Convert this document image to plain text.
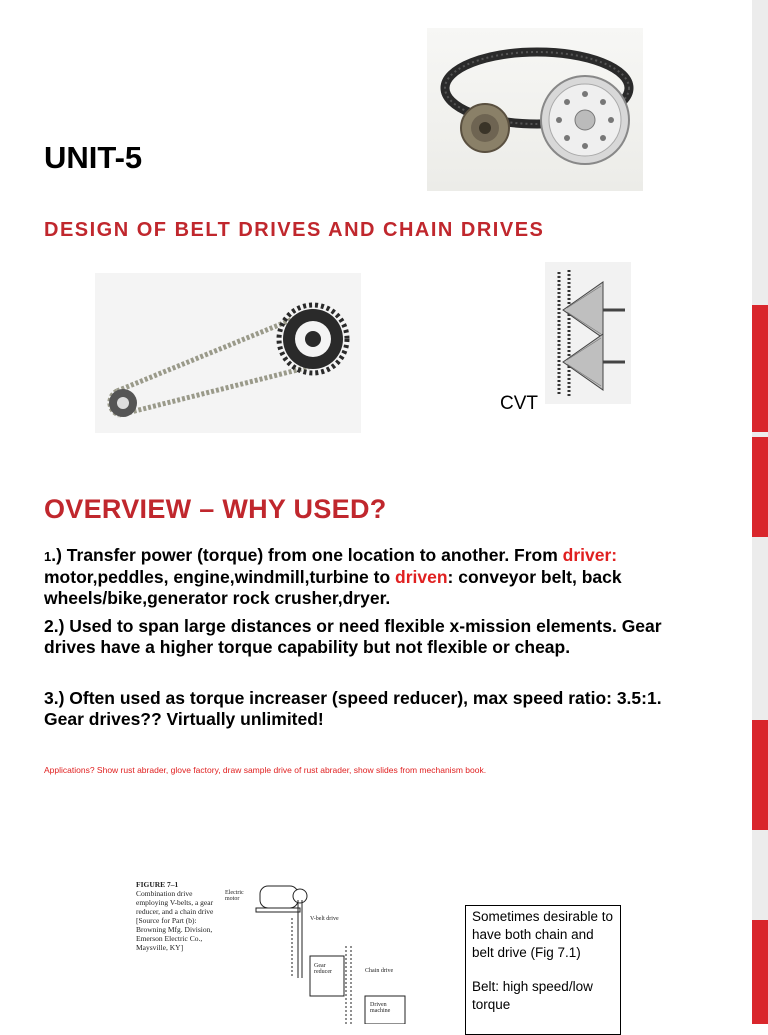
UNIT-5
DESIGN OF BELT DRIVES AND CHAIN DRIVES
CVT
OVERVIEW – WHY USED?
1.) Transfer power (torque) from one location to another. From driver: motor,peddles, engine,windmill,turbine to driven: conveyor belt, back wheels/bike,generator rock crusher,dryer.
2.) Used to span large distances or need flexible x-mission elements. Gear drives have a higher torque capability but not flexible or cheap.
3.) Often used as torque increaser (speed reducer), max speed ratio: 3.5:1. Gear drives?? Virtually unlimited!
Applications? Show rust abrader, glove factory, draw sample drive of rust abrader, show slides from mechanism book.
FIGURE 7–1
Combination drive employing V-belts, a gear reducer, and a chain drive [Source for Part (b): Browning Mfg. Division, Emerson Electric Co., Maysville, KY]
Electric motor
V-belt drive
Gear reducer	Chain drive
Driven machine
Sometimes desirable to have both chain and belt drive (Fig 7.1)
Belt: high speed/low torque
